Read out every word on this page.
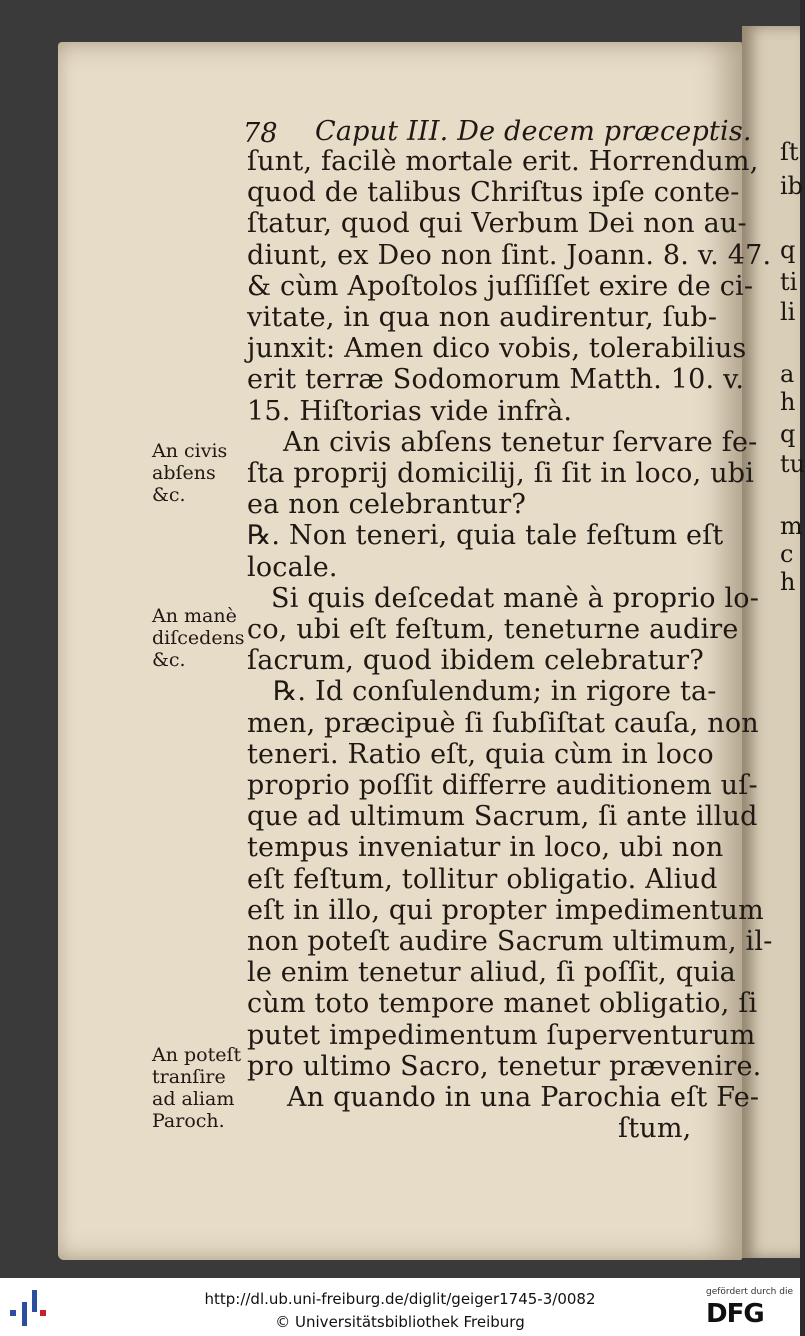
ſt
ib
q
ti
li
a
h
q
tu
m
c
h
78 Caput III. De decem præceptis.
ſunt, facilè mortale erit. Horrendum,
quod de talibus Chriſtus ipſe conte-
ſtatur, quod qui Verbum Dei non au-
diunt, ex Deo non ſint. Joann. 8. v. 47.
& cùm Apoſtolos juſſiſſet exire de ci-
vitate, in qua non audirentur, ſub-
junxit: Amen dico vobis, tolerabilius
erit terræ Sodomorum Matth. 10. v.
15. Hiſtorias vide infrà.
An civis abſens tenetur ſervare fe-
ſta proprij domicilij, ſi ſit in loco, ubi
ea non celebrantur?
℞. Non teneri, quia tale feſtum eſt
locale.
Si quis deſcedat manè à proprio lo-
co, ubi eſt feſtum, teneturne audire
ſacrum, quod ibidem celebratur?
℞. Id conſulendum; in rigore ta-
men, præcipuè ſi ſubſiſtat cauſa, non
teneri. Ratio eſt, quia cùm in loco
proprio poſſit differre auditionem uſ-
que ad ultimum Sacrum, ſi ante illud
tempus inveniatur in loco, ubi non
eſt feſtum, tollitur obligatio. Aliud
eſt in illo, qui propter impedimentum
non poteſt audire Sacrum ultimum, il-
le enim tenetur aliud, ſi poſſit, quia
cùm toto tempore manet obligatio, ſi
putet impedimentum ſuperventurum
pro ultimo Sacro, tenetur prævenire.
An quando in una Parochia eſt Fe-
ſtum,
An civis
abſens
&c.
An manè
diſcedens
&c.
An poteſt
tranſire
ad aliam
Paroch.
http://dl.ub.uni-freiburg.de/diglit/geiger1745-3/0082
© Universitätsbibliothek Freiburg
gefördert durch die
DFG
